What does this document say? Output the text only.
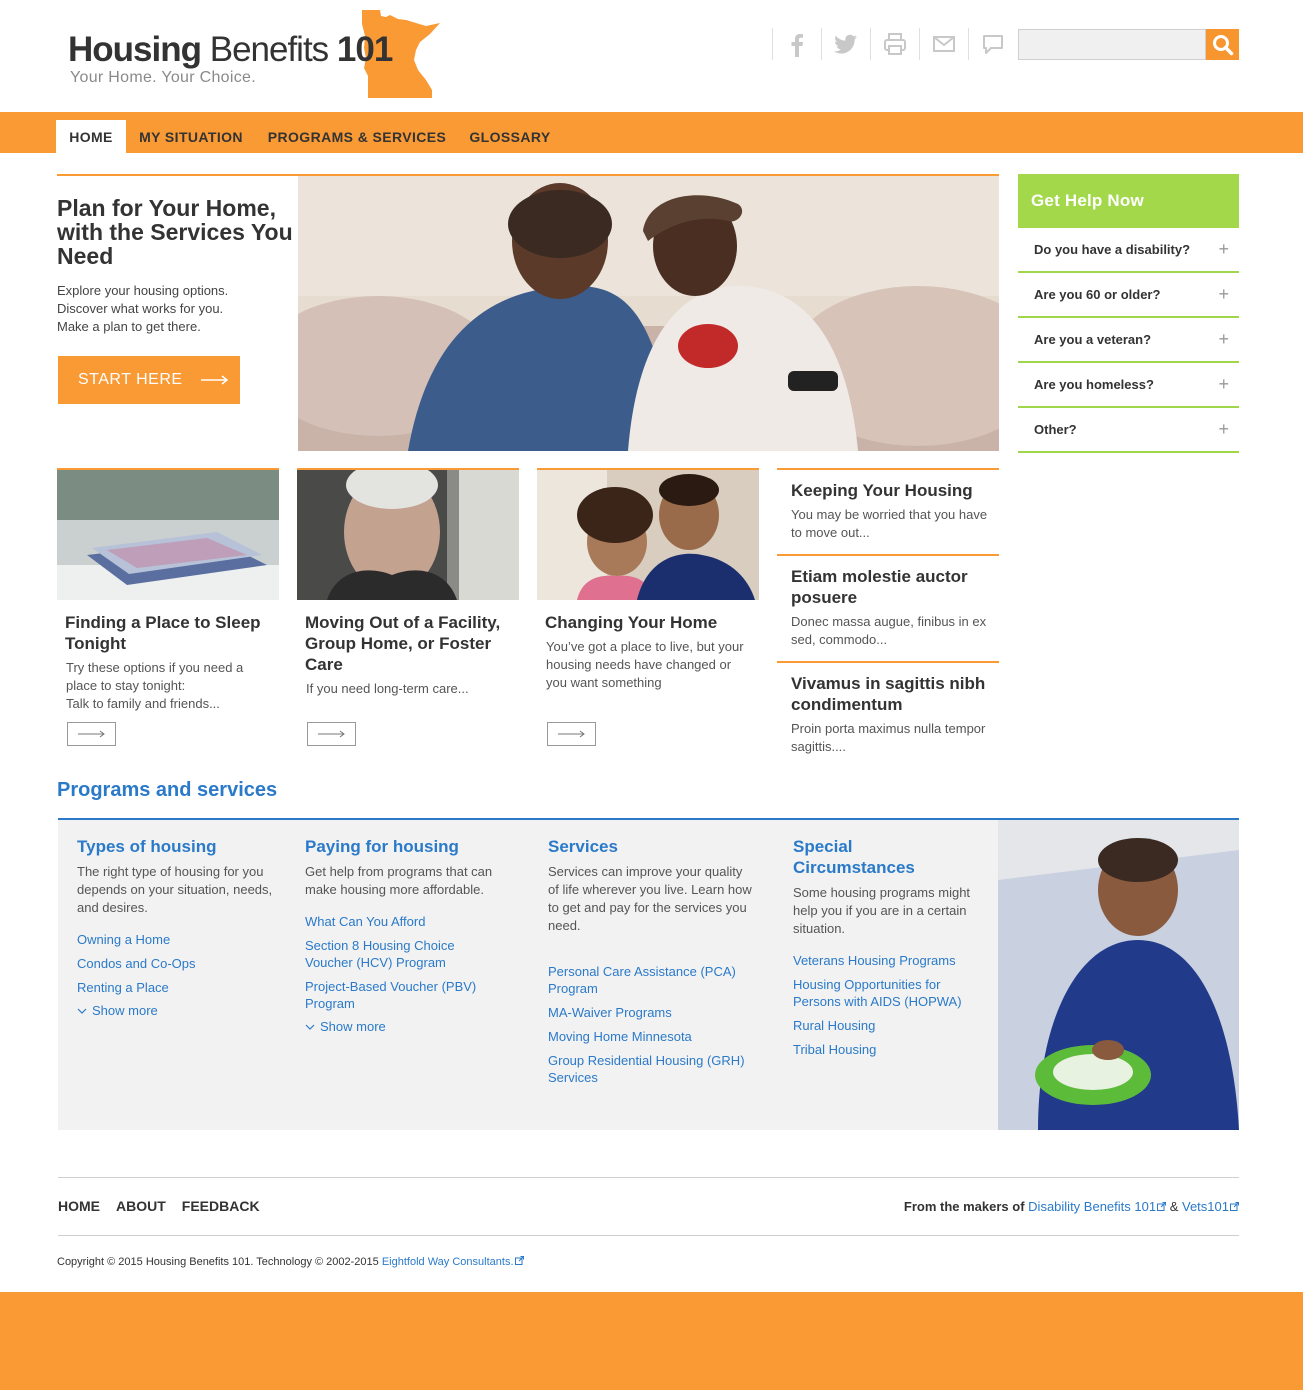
Housing Benefits 101
Your Home. Your Choice.
HOME	MY SITUATION	PROGRAMS & SERVICES	GLOSSARY
Plan for Your Home, with the Services You Need
Explore your housing options.
Discover what works for you.
Make a plan to get there.
START HERE
Get Help Now
Do you have a disability? +
Are you 60 or older?	+
Are you a veteran?	+
Are you homeless?	+
Other?	+
Finding a Place to Sleep Tonight
Try these options if you need a place to stay tonight:
Talk to family and friends...
Moving Out of a Facility, Group Home, or Foster Care
If you need long-term care...
Changing Your Home
You’ve got a place to live, but your housing needs have changed or you want something
Keeping Your Housing
You may be worried that you have to move out...
Etiam molestie auctor posuere
Donec massa augue, finibus in ex sed, commodo...
Vivamus in sagittis nibh condimentum
Proin porta maximus nulla tempor sagittis....
Programs and services
Types of housing
The right type of housing for you depends on your situation, needs, and desires.
Owning a Home
Condos and Co-Ops
Renting a Place
Show more
Paying for housing
Get help from programs that can make housing more affordable.
What Can You Afford
Section 8 Housing Choice Voucher (HCV) Program
Project-Based Voucher (PBV) Program
Show more
Services
Services can improve your quality of life wherever you live. Learn how to get and pay for the services you need.
Personal Care Assistance (PCA) Program
MA-Waiver Programs
Moving Home Minnesota
Group Residential Housing (GRH) Services
Special Circumstances
Some housing programs might help you if you are in a certain situation.
Veterans Housing Programs
Housing Opportunities for Persons with AIDS (HOPWA)
Rural Housing
Tribal Housing
HOME ABOUT FEEDBACK	From the makers of Disability Benefits 101 & Vets101
Copyright © 2015 Housing Benefits 101. Technology © 2002-2015 Eightfold Way Consultants.
